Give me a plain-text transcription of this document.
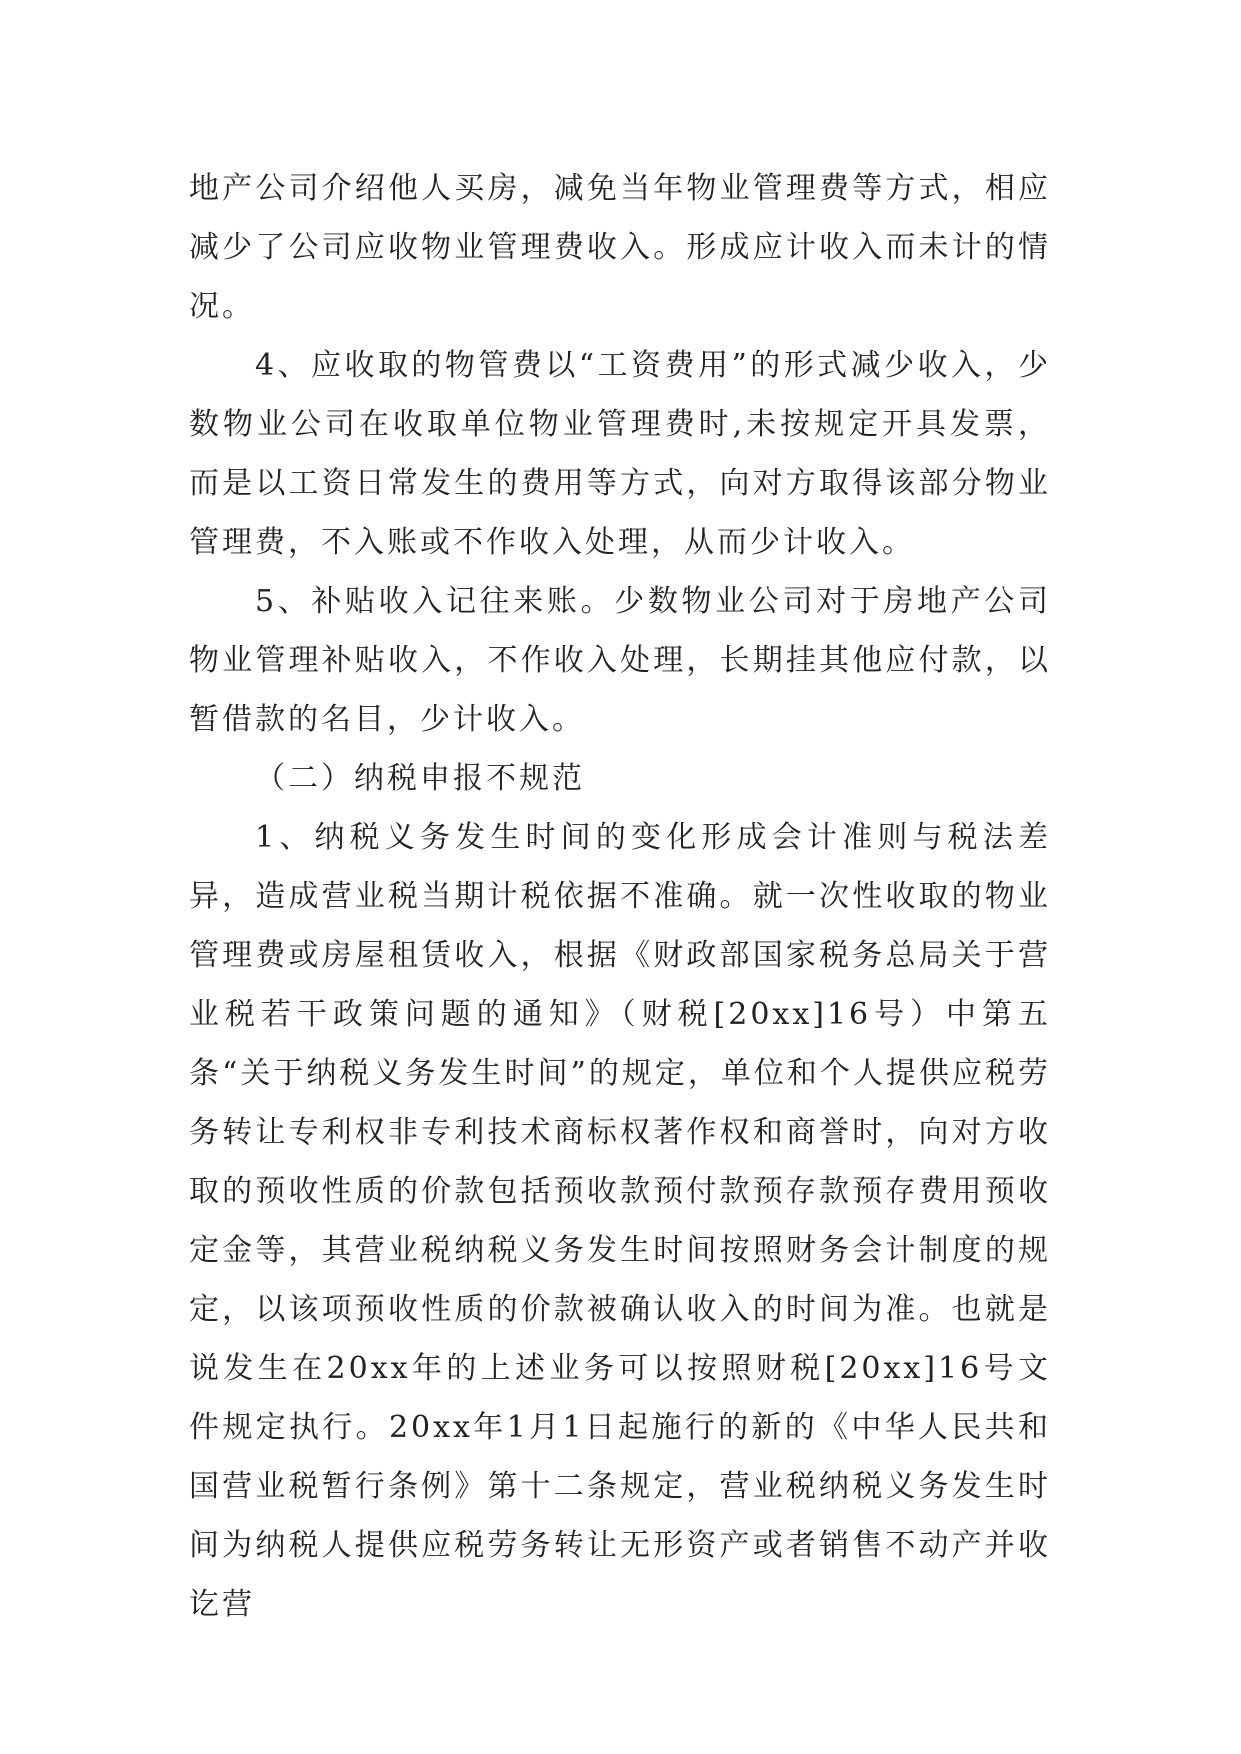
地产公司介绍他人买房，减免当年物业管理费等方式，相应减少了公司应收物业管理费收入。形成应计收入而未计的情况。

4、应收取的物管费以“工资费用”的形式减少收入，少数物业公司在收取单位物业管理费时,未按规定开具发票，而是以工资日常发生的费用等方式，向对方取得该部分物业管理费，不入账或不作收入处理，从而少计收入。

5、补贴收入记往来账。少数物业公司对于房地产公司物业管理补贴收入，不作收入处理，长期挂其他应付款，以暂借款的名目，少计收入。

（二）纳税申报不规范

1、纳税义务发生时间的变化形成会计准则与税法差异，造成营业税当期计税依据不准确。就一次性收取的物业管理费或房屋租赁收入，根据《财政部国家税务总局关于营业税若干政策问题的通知》（财税[20xx]16号）中第五条“关于纳税义务发生时间”的规定，单位和个人提供应税劳务转让专利权非专利技术商标权著作权和商誉时，向对方收取的预收性质的价款包括预收款预付款预存款预存费用预收定金等，其营业税纳税义务发生时间按照财务会计制度的规定，以该项预收性质的价款被确认收入的时间为准。也就是说发生在20xx年的上述业务可以按照财税[20xx]16号文件规定执行。20xx年1月1日起施行的新的《中华人民共和国营业税暂行条例》第十二条规定，营业税纳税义务发生时间为纳税人提供应税劳务转让无形资产或者销售不动产并收讫营
